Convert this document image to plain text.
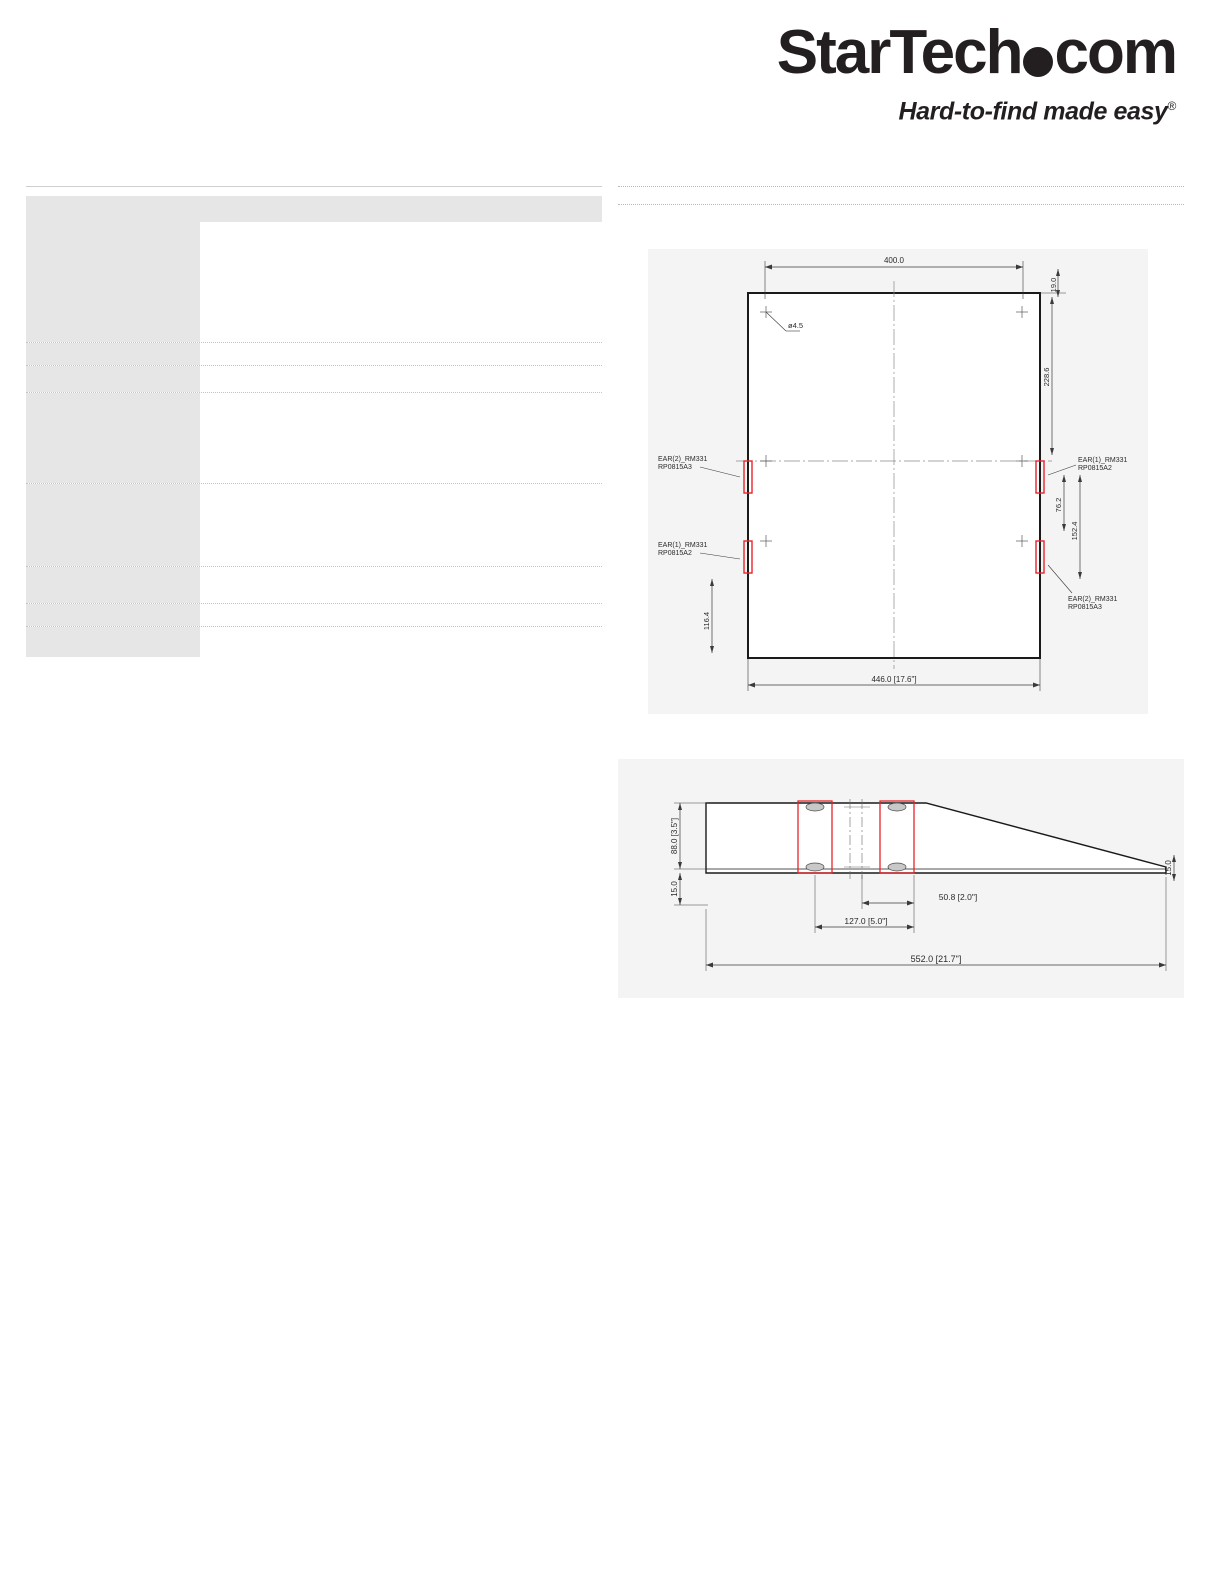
StarTech com
Hard-to-find made easy®
400.0
19.0
ø4.5
EAR(2)_RM331
RP0815A3
EAR(1)_RM331
RP0815A2
EAR(1)_RM331
RP0815A2
EAR(2)_RM331
RP0815A3
228.6
76.2
152.4
116.4
446.0 [17.6"]
88.0 [3.5"]
15.0
15.0
50.8 [2.0"]
127.0 [5.0"]
552.0 [21.7"]
